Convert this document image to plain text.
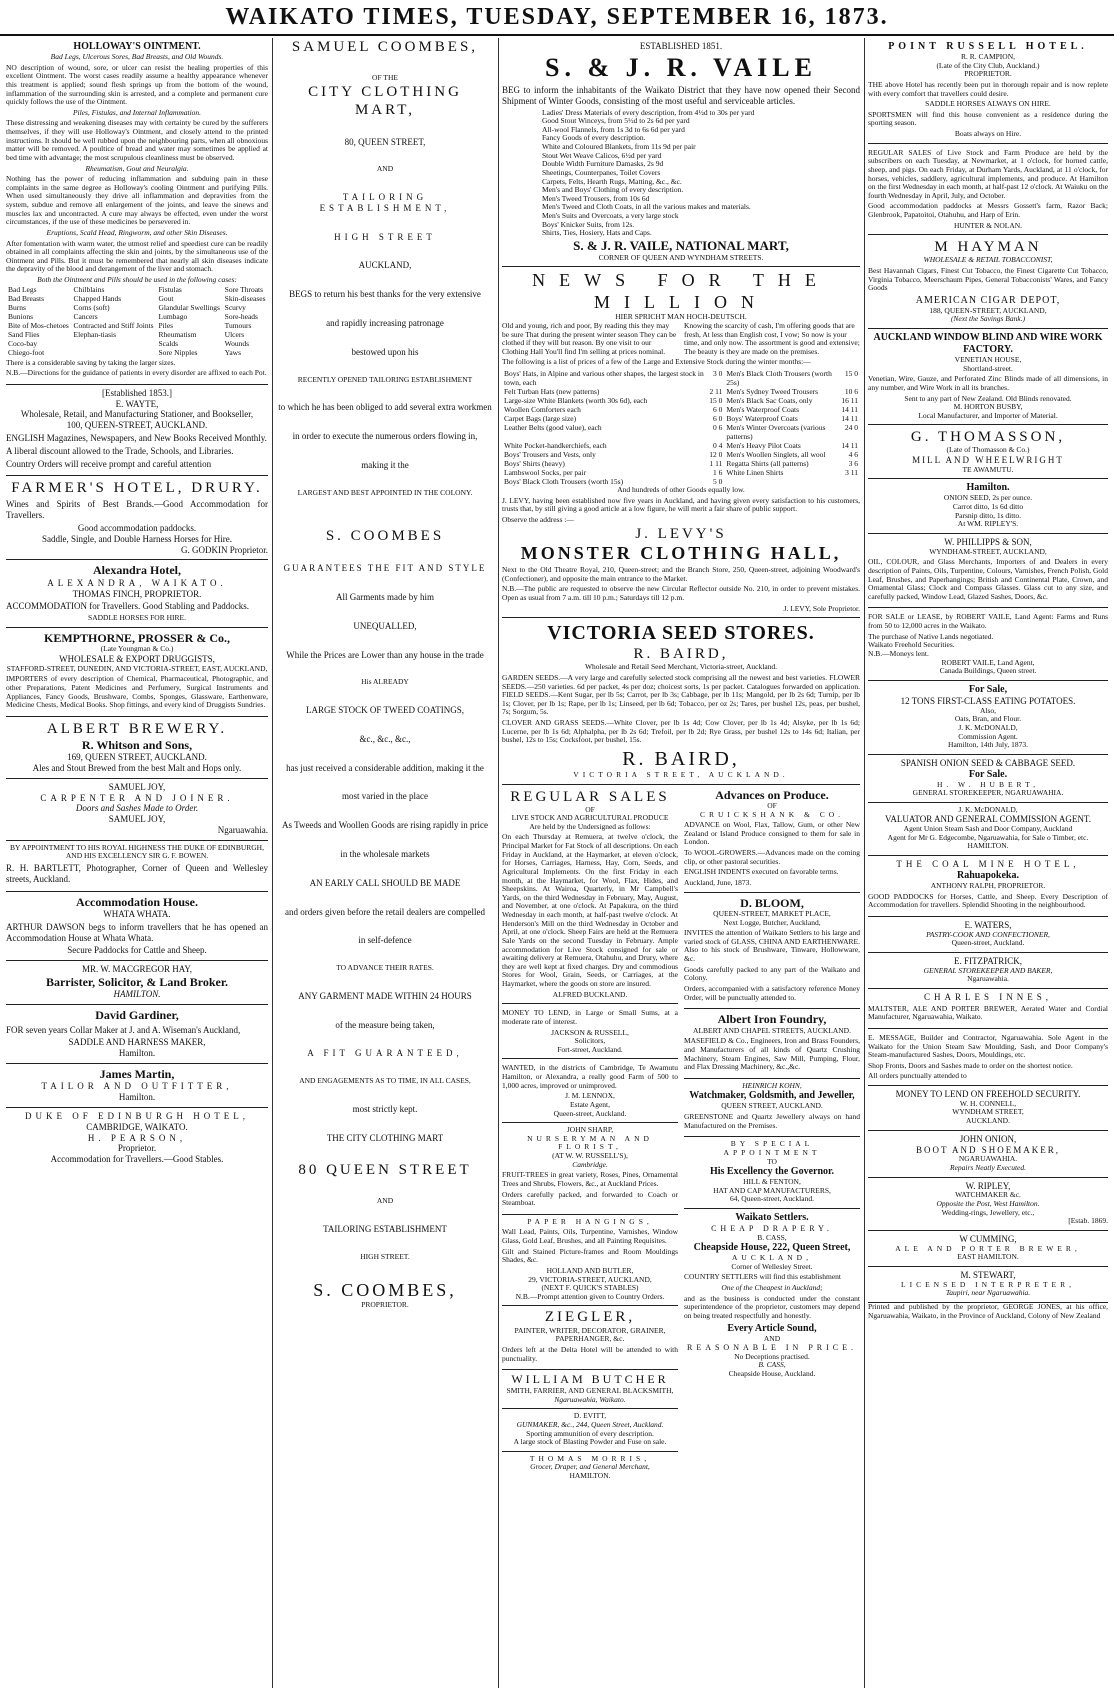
WAIKATO TIMES, TUESDAY, SEPTEMBER 16, 1873.
HOLLOWAY'S OINTMENT.
Bad Legs, Ulcerous Sores, Bad Breasts, and Old Wounds.

NO description of wound, sore, or ulcer can resist the healing properties of this excellent Ointment. The worst cases readily assume a healthy appearance whenever this treatment is applied; sound flesh springs up from the bottom of the wound, inflammation of the surrounding skin is arrested, and a complete and permanent cure quickly follows the use of the Ointment.

Piles, Fistulas, and Internal Inflammation.

These distressing and weakening diseases may with certainty be cured by the sufferers themselves, if they will use Holloway's Ointment, and closely attend to the printed instructions. It should be well rubbed upon the neighbouring parts, when all obnoxious matter will be removed. A poultice of bread and water may sometimes be applied at bed time with advantage; the most scrupulous cleanliness must be observed.

Rheumatism, Gout and Neuralgia.

Nothing has the power of reducing inflammation and subduing pain in these complaints in the same degree as Holloway's cooling Ointment and purifying Pills. When used simultaneously they drive all inflammation and depravities from the system, subdue and remove all enlargement of the joints, and leave the sinews and muscles lax and uncontracted. A cure may always be effected, even under the worst circumstances, if the use of these medicines be persevered in.

Eruptions, Scald Head, Ringworm, and other Skin Diseases.

After fomentation with warm water, the utmost relief and speediest cure can be readily obtained in all complaints affecting the skin and joints, by the simultaneous use of the Ointment and Pills. But it must be remembered that nearly all skin diseases indicate the depravity of the blood and derangement of the liver and stomach.

Both the Ointment and Pills should be used in the following cases:
Bad Legs	Chilblains	Fistulas	Sore Throats
Bad Breasts	Chapped Hands	Gout	Skin-diseases
Burns	Corns (soft)	Glandular Swellings	Scurvy
Bunions	Cancers	Lumbago	Sore-heads
Bite of Mos-chetoes	Contracted and Stiff Joints	Piles	Tumours
Sand Flies	Elephan-tiasis	Rheumatism	Ulcers
Coco-bay		Scalds	Wounds
Chiego-foot		Sore Nipples	Yaws

There is a considerable saving by taking the larger sizes.

N.B.—Directions for the guidance of patients in every disorder are affixed to each Pot.

[Established 1853.]
E. WAYTE,
Wholesale, Retail, and Manufacturing Stationer, and Bookseller,
100, QUEEN-STREET, AUCKLAND.

ENGLISH Magazines, Newspapers, and New Books Received Monthly.

A liberal discount allowed to the Trade, Schools, and Libraries.

Country Orders will receive prompt and careful attention

FARMER'S HOTEL, DRURY.

Wines and Spirits of Best Brands.—Good Accommodation for Travellers.

Good accommodation paddocks.
Saddle, Single, and Double Harness Horses for Hire.
G. GODKIN Proprietor.
Alexandra Hotel,
ALEXANDRA, WAIKATO.
THOMAS FINCH, PROPRIETOR.

ACCOMMODATION for Travellers. Good Stabling and Paddocks.

SADDLE HORSES FOR HIRE.
KEMPTHORNE, PROSSER & Co.,
(Late Youngman & Co.)
WHOLESALE & EXPORT DRUGGISTS,
STAFFORD-STREET, DUNEDIN, AND VICTORIA-STREET, EAST, AUCKLAND,

IMPORTERS of every description of Chemical, Pharmaceutical, Photographic, and other Preparations, Patent Medicines and Perfumery, Surgical Instruments and Appliances, Fancy Goods, Brushware, Combs, Sponges, Glassware, Earthenware, Medicine Chests, Medical Books. Shop fittings, and every kind of Druggists Sundries.

ALBERT BREWERY.
R. Whitson and Sons,
169, QUEEN STREET, AUCKLAND.
Ales and Stout Brewed from the best Malt and Hops only.
SAMUEL JOY,
CARPENTER AND JOINER.
Doors and Sashes Made to Order.
SAMUEL JOY,
Ngaruawahia.
BY APPOINTMENT TO HIS ROYAL HIGHNESS THE DUKE OF EDINBURGH, AND HIS EXCELLENCY SIR G. F. BOWEN.

R. H. BARTLETT, Photographer, Corner of Queen and Wellesley streets, Auckland.

Accommodation House.
WHATA WHATA.

ARTHUR DAWSON begs to inform travellers that he has opened an Accommodation House at Whata Whata.

Secure Paddocks for Cattle and Sheep.
MR. W. MACGREGOR HAY,
Barrister, Solicitor, & Land Broker.
HAMILTON.
David Gardiner,

FOR seven years Collar Maker at J. and A. Wiseman's Auckland,

SADDLE AND HARNESS MAKER,
Hamilton.
James Martin,
TAILOR AND OUTFITTER,
Hamilton.
DUKE OF EDINBURGH HOTEL,
CAMBRIDGE, WAIKATO.
H. PEARSON,
Proprietor.
Accommodation for Travellers.—Good Stables.
SAMUEL COOMBES,
OF THE
CITY CLOTHING MART,
80, QUEEN STREET,
AND
TAILORING ESTABLISHMENT,
HIGH STREET
AUCKLAND,
BEGS to return his best thanks for the very extensive
and rapidly increasing patronage
bestowed upon his
RECENTLY OPENED TAILORING ESTABLISHMENT
to which he has been obliged to add several extra workmen
in order to execute the numerous orders flowing in,
making it the
LARGEST AND BEST APPOINTED IN THE COLONY.
S. COOMBES
GUARANTEES THE FIT AND STYLE
All Garments made by him
UNEQUALLED,
While the Prices are Lower than any house in the trade
His ALREADY
LARGE STOCK OF TWEED COATINGS,
&c., &c., &c.,
has just received a considerable addition, making it the
most varied in the place
As Tweeds and Woollen Goods are rising rapidly in price
in the wholesale markets
AN EARLY CALL SHOULD BE MADE
and orders given before the retail dealers are compelled
in self-defence
TO ADVANCE THEIR RATES.
ANY GARMENT MADE WITHIN 24 HOURS
of the measure being taken,
A FIT GUARANTEED,
AND ENGAGEMENTS AS TO TIME, IN ALL CASES,
most strictly kept.
THE CITY CLOTHING MART
80 QUEEN STREET
AND
TAILORING ESTABLISHMENT
HIGH STREET.
S. COOMBES,
PROPRIETOR.
ESTABLISHED 1851.
S. & J. R. VAILE

BEG to inform the inhabitants of the Waikato District that they have now opened their Second Shipment of Winter Goods, consisting of the most useful and serviceable articles.

Ladies' Dress Materials of every description, from 4½d to 30s per yard
Good Stout Winceys, from 5½d to 2s 6d per yard
All-wool Flannels, from 1s 3d to 6s 6d per yard
Fancy Goods of every description.
White and Coloured Blankets, from 11s 9d per pair
Stout Wet Weave Calicos, 6½d per yard
Double Width Furniture Damasks, 2s 9d
Sheetings, Counterpanes, Toilet Covers
Carpets, Felts, Hearth Rugs, Matting, &c., &c.
Men's and Boys' Clothing of every description.
Men's Tweed Trousers, from 10s 6d
Men's Tweed and Cloth Coats, in all the various makes and materials.
Men's Suits and Overcoats, a very large stock
Boys' Knicker Suits, from 12s.
Shirts, Ties, Hosiery, Hats and Caps.
S. & J. R. VAILE, NATIONAL MART,
CORNER OF QUEEN AND WYNDHAM STREETS.
NEWS FOR THE MILLION
HIER SPRICHT MAN HOCH-DEUTSCH.
Old and young, rich and poor, By reading this they may be sure That during the present winter season They can be clothed if they will but reason. By one visit to our Clothing Hall You'll find I'm selling at prices nominal.
Knowing the scarcity of cash, I'm offering goods that are fresh, At less than English cost, I vow; So now is your time, and only now. The assortment is good and extensive; The beauty is they are made on the premises.

The following is a list of prices of a few of the Large and Extensive Stock during the winter months:—

Boys' Hats, in Alpine and various other shapes, the largest stock in town, each	3 0	Men's Black Cloth Trousers (worth 25s)	15 0
Felt Turban Hats (new patterns)	2 11	Men's Sydney Tweed Trousers	10 6
Large-size White Blankets (worth 30s 6d), each	15 0	Men's Black Sac Coats, only	16 11
Woollen Comforters each	6 0	Men's Waterproof Coats	14 11
Carpet Bags (large size)	6 0	Boys' Waterproof Coats	14 11
Leather Belts (good value), each	0 6	Men's Winter Overcoats (various patterns)	24 0
White Pocket-handkerchiefs, each	0 4	Men's Heavy Pilot Coats	14 11
Boys' Trousers and Vests, only	12 0	Men's Woollen Singlets, all wool	4 6
Boys' Shirts (heavy)	1 11	Regatta Shirts (all patterns)	3 6
Lambswool Socks, per pair	1 6	White Linen Shirts	3 11
Boys' Black Cloth Trousers (worth 15s)	5 0		
And hundreds of other Goods equally low.

J. LEVY, having been established now five years in Auckland, and having given every satisfaction to his customers, trusts that, by still giving a good article at a low figure, he will merit a fair share of public support.

Observe the address :—
J. LEVY'S
MONSTER CLOTHING HALL,

Next to the Old Theatre Royal, 210, Queen-street; and the Branch Store, 250, Queen-street, adjoining Woodward's (Confectioner), and opposite the main entrance to the Market.

N.B.—The public are requested to observe the new Circular Reflector outside No. 210, in order to prevent mistakes. Open as usual from 7 a.m. till 10 p.m.; Saturdays till 12 p.m.

J. LEVY, Sole Proprietor.
VICTORIA SEED STORES.
R. BAIRD,
Wholesale and Retail Seed Merchant, Victoria-street, Auckland.

GARDEN SEEDS.—A very large and carefully selected stock comprising all the newest and best varieties. FLOWER SEEDS.—250 varieties. 6d per packet, 4s per doz; choicest sorts, 1s per packet. Catalogues forwarded on application. FIELD SEEDS.—Kent Sugar, per lb 5s; Carrot, per lb 3s; Cabbage, per lb 11s; Mangold, per lb 2s 6d; Turnip, per lb 1s; Clover, per lb 1s; Rape, per lb 1s; Linseed, per lb 6d; Tobacco, per oz 2s; Tares, per bushel 12s, peas, per bushel, 7s; Sorgum, 5s.

CLOVER AND GRASS SEEDS.—White Clover, per lb 1s 4d; Cow Clover, per lb 1s 4d; Alsyke, per lb 1s 6d; Lucerne, per lb 1s 6d; Alphalpha, per lb 2s 6d; Trefoil, per lb 2d; Rye Grass, per bushel 12s to 14s 6d; Italian, per bushel, 12s to 15s; Cocksfoot, per bushel, 15s.

R. BAIRD,
VICTORIA STREET, AUCKLAND.
REGULAR SALES
OF
LIVE STOCK AND AGRICULTURAL PRODUCE
Are held by the Undersigned as follows:

On each Thursday at Remuera, at twelve o'clock, the Principal Market for Fat Stock of all descriptions. On each Friday in Auckland, at the Haymarket, at eleven o'clock, for Horses, Carriages, Harness, Hay, Corn, Seeds, and Agricultural Implements. On the first Friday in each month, at the Haymarket, for Wool, Flax, Hides, and Sheepskins. At Wairoa, Quarterly, in Mr Campbell's Yards, on the third Wednesday in February, May, August, and November, at one o'clock. At Papakura, on the third Wednesday in each month, at half-past twelve o'clock. At Henderson's Mill on the third Wednesday in October and April, at one o'clock. Sheep Fairs are held at the Remuera Sale Yards on the second Tuesday in February. Ample accommodation for Live Stock consigned for sale or awaiting delivery at Remuera, Otahuhu, and Drury, where they are well kept at fixed charges. Dry and commodious Stores for Wool, Grain, Seeds, or Carriages, at the Haymarket, where the goods on store are insured.

ALFRED BUCKLAND.

MONEY TO LEND, in Large or Small Sums, at a moderate rate of interest.

JACKSON & RUSSELL,
Solicitors,
Fort-street, Auckland.

WANTED, in the districts of Cambridge, Te Awamutu Hamilton, or Alexandra, a really good Farm of 500 to 1,000 acres, improved or unimproved.

J. M. LENNOX,
Estate Agent,
Queen-street, Auckland.
JOHN SHARP,
NURSERYMAN AND FLORIST,
(AT W. W. RUSSELL'S),
Cambridge.

FRUIT-TREES in great variety, Roses, Pines, Ornamental Trees and Shrubs, Flowers, &c., at Auckland Prices.

Orders carefully packed, and forwarded to Coach or Steamboat.

PAPER HANGINGS,

Wall Lead, Paints, Oils, Turpentine, Varnishes, Window Glass, Gold Leaf, Brushes, and all Painting Requisites.

Gilt and Stained Picture-frames and Room Mouldings Shades, &c.

HOLLAND AND BUTLER,
29, VICTORIA-STREET, AUCKLAND,
(NEXT F. QUICK'S STABLES)
N.B.—Prompt attention given to Country Orders.
ZIEGLER,
PAINTER, WRITER, DECORATOR, GRAINER, PAPERHANGER, &c.

Orders left at the Delta Hotel will be attended to with punctuality.

WILLIAM BUTCHER
SMITH, FARRIER, AND GENERAL BLACKSMITH,
Ngaruawahia, Waikato.
D. EVITT,
GUNMAKER, &c., 244, Queen Street, Auckland.
Sporting ammunition of every description.
A large stock of Blasting Powder and Fuse on sale.
THOMAS MORRIS,
Grocer, Draper, and General Merchant,
HAMILTON.
Advances on Produce.
OF
CRUICKSHANK & CO.

ADVANCE on Wool, Flax, Tallow, Gum, or other New Zealand or Island Produce consigned to them for sale in London.

To WOOL-GROWERS.—Advances made on the coming clip, or other pastoral securities.

ENGLISH INDENTS executed on favorable terms.

Auckland, June, 1873.
D. BLOOM,
QUEEN-STREET, MARKET PLACE,
Next Logge, Butcher, Auckland,

INVITES the attention of Waikato Settlers to his large and varied stock of GLASS, CHINA AND EARTHENWARE. Also to his stock of Brushware, Tinware, Hollowware, &c.

Goods carefully packed to any part of the Waikato and Colony.

Orders, accompanied with a satisfactory reference Money Order, will be punctually attended to.

Albert Iron Foundry,
ALBERT AND CHAPEL STREETS, AUCKLAND.

MASEFIELD & Co., Engineers, Iron and Brass Founders, and Manufacturers of all kinds of Quartz Crushing Machinery, Steam Engines, Saw Mill, Pumping, Flour, and Flax Dressing Machinery, &c.,&c.

HEINRICH KOHN,
Watchmaker, Goldsmith, and Jeweller,
QUEEN STREET, AUCKLAND.

GREENSTONE and Quartz Jewellery always on hand Manufactured on the Premises.

BY SPECIAL APPOINTMENT
TO
His Excellency the Governor.
HILL & FENTON,
HAT AND CAP MANUFACTURERS,
64, Queen-street, Auckland.
Waikato Settlers.
CHEAP DRAPERY.
B. CASS,
Cheapside House, 222, Queen Street,
AUCKLAND,
Corner of Wellesley Street.

COUNTRY SETTLERS will find this establishment

One of the Cheapest in Auckland;

and as the business is conducted under the constant superintendence of the proprietor, customers may depend on being treated respectfully and honestly.

Every Article Sound,
AND
REASONABLE IN PRICE.
No Deceptions practised.
B. CASS,
Cheapside House, Auckland.
POINT RUSSELL HOTEL.
R. R. CAMPION,
(Late of the City Club, Auckland.)
PROPRIETOR.

THE above Hotel has recently been put in thorough repair and is now replete with every comfort that travellers could desire.

SADDLE HORSES ALWAYS ON HIRE.

SPORTSMEN will find this house convenient as a residence during the sporting season.

Boats always on Hire.

REGULAR SALES of Live Stock and Farm Produce are held by the subscribers on each Tuesday, at Newmarket, at 1 o'clock, for horned cattle, sheep, and pigs. On each Friday, at Durham Yards, Auckland, at 11 o'clock, for horses, vehicles, saddlery, agricultural implements, and produce. At Hamilton on the first Wednesday in each month, at half-past 12 o'clock. At Waiuku on the fourth Wednesday in April, July, and October.

Good accommodation paddocks at Messrs Gossett's farm, Razor Back; Glenbrook, Papatoitoi, Otahuhu, and Harp of Erin.

HUNTER & NOLAN.
M HAYMAN
WHOLESALE & RETAIL TOBACCONIST,

Best Havannah Cigars, Finest Cut Tobacco, the Finest Cigarette Cut Tobacco, Virginia Tobacco, Meerschaum Pipes, General Tobacconists' Wares, and Fancy Goods

AMERICAN CIGAR DEPOT,
188, QUEEN-STREET, AUCKLAND,
(Next the Savings Bank.)
AUCKLAND WINDOW BLIND AND WIRE WORK FACTORY.
VENETIAN HOUSE,
Shortland-street.

Venetian, Wire, Gauze, and Perforated Zinc Blinds made of all dimensions, in any number, and Wire Work in all its branches.

Sent to any part of New Zealand. Old Blinds renovated.
M. HORTON BUSBY,
Local Manufacturer, and Importer of Material.
G. THOMASSON,
(Late of Thomasson & Co.)
MILL AND WHEELWRIGHT
TE AWAMUTU.
Hamilton.
ONION SEED, 2s per ounce.
Carrot ditto, 1s 6d ditto
Parsnip ditto, 1s ditto.
At WM. RIPLEY'S.
W. PHILLIPPS & SON,
WYNDHAM-STREET, AUCKLAND,

OIL, COLOUR, and Glass Merchants, Importers of and Dealers in every description of Paints, Oils, Turpentine, Colours, Varnishes, French Polish, Gold Leaf, Brushes, and Paperhangings; British and Continental Plate, Crown, and Ornamental Glass; Clock and Compass Glasses. Glass cut to any size, and carefully packed, Window Lead, Glazed Sashes, Doors, &c.

FOR SALE or LEASE, by ROBERT VAILE, Land Agent: Farms and Runs from 50 to 12,000 acres in the Waikato.

The purchase of Native Lands negotiated.
Waikato Freehold Securities.
N.B.—Moneys lent.
ROBERT VAILE, Land Agent,
Canada Buildings, Queen street.
For Sale,
12 TONS FIRST-CLASS EATING POTATOES.
Also,
Oats, Bran, and Flour.
J. K. McDONALD,
Commission Agent.
Hamilton, 14th July, 1873.
SPANISH ONION SEED & CABBAGE SEED.
For Sale.
H. W. HUBERT,
GENERAL STOREKEEPER, NGARUAWAHIA.
J. K. McDONALD,
VALUATOR AND GENERAL COMMISSION AGENT.
Agent Union Steam Sash and Door Company, Auckland
Agent for Mr G. Edgecombe, Ngaruawahia, for Sale o Timber, etc.
HAMILTON.
THE COAL MINE HOTEL,
Rahuapokeka.
ANTHONY RALPH, PROPRIETOR.

GOOD PADDOCKS for Horses, Cattle, and Sheep. Every Description of Accommodation for travellers. Splendid Shooting in the neighbourhood.

E. WATERS,
PASTRY-COOK AND CONFECTIONER,
Queen-street, Auckland.
E. FITZPATRICK,
GENERAL STOREKEEPER AND BAKER,
Ngaruawahia.
CHARLES INNES,

MALTSTER, ALE AND PORTER BREWER, Aerated Water and Cordial Manufacturer, Ngaruawahia, Waikato.

E. MESSAGE, Builder and Contractor, Ngaruawahia. Sole Agent in the Waikato for the Union Steam Saw Moulding, Sash, and Door Company's Steam-manufactured Sashes, Doors, Mouldings, etc.

Shop Fronts, Doors and Sashes made to order on the shortest notice.

All orders punctually attended to
MONEY TO LEND ON FREEHOLD SECURITY.
W. H. CONNELL,
WYNDHAM STREET,
AUCKLAND.
JOHN ONION,
BOOT AND SHOEMAKER,
NGARUAWAHIA.
Repairs Neatly Executed.
W. RIPLEY,
WATCHMAKER &c.
Opposite the Post, West Hamilton.
Wedding-rings, Jewellery, etc.,
[Estab. 1869.
W CUMMING,
ALE AND PORTER BREWER,
EAST HAMILTON.
M. STEWART,
LICENSED INTERPRETER,
Taupiri, near Ngaruawahia.
Printed and published by the proprietor, GEORGE JONES, at his office, Ngaruawahia, Waikato, in the Province of Auckland, Colony of New Zealand
